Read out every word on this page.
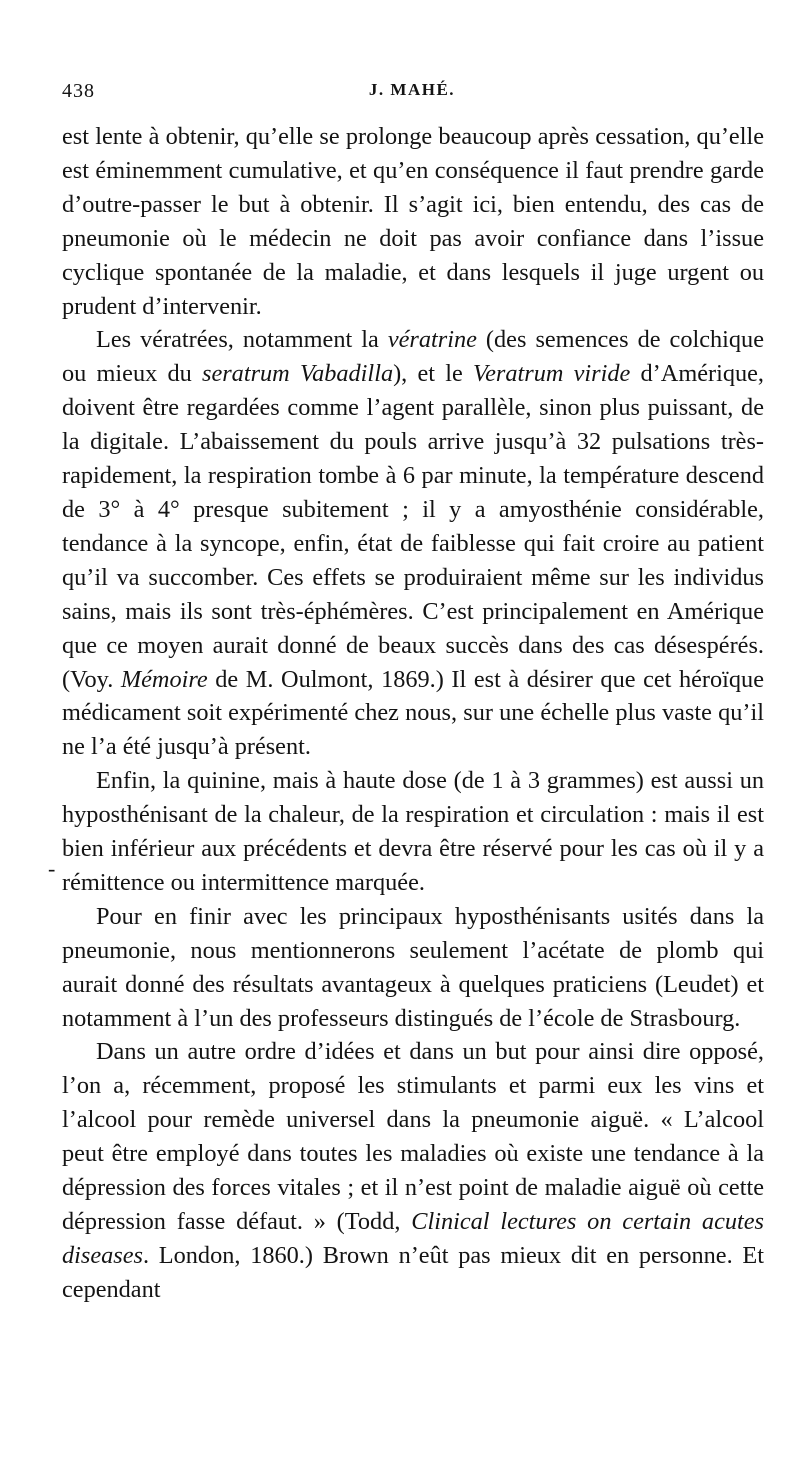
438	J. MAHÉ.
-

est lente à obtenir, qu’elle se prolonge beaucoup après cessation, qu’elle est éminemment cumulative, et qu’en conséquence il faut prendre garde d’outre-passer le but à obtenir. Il s’agit ici, bien entendu, des cas de pneumonie où le médecin ne doit pas avoir confiance dans l’issue cyclique spontanée de la maladie, et dans lesquels il juge urgent ou prudent d’intervenir.

Les vératrées, notamment la vératrine (des semences de colchique ou mieux du seratrum Vabadilla), et le Veratrum viride d’Amérique, doivent être regardées comme l’agent parallèle, sinon plus puissant, de la digitale. L’abaissement du pouls arrive jusqu’à 32 pulsations très-rapidement, la respiration tombe à 6 par minute, la température descend de 3° à 4° presque subitement ; il y a amyosthénie considérable, tendance à la syncope, enfin, état de faiblesse qui fait croire au patient qu’il va succomber. Ces effets se produiraient même sur les individus sains, mais ils sont très-éphémères. C’est principalement en Amérique que ce moyen aurait donné de beaux succès dans des cas désespérés. (Voy. Mémoire de M. Oulmont, 1869.) Il est à désirer que cet héroïque médicament soit expérimenté chez nous, sur une échelle plus vaste qu’il ne l’a été jusqu’à présent.

Enfin, la quinine, mais à haute dose (de 1 à 3 grammes) est aussi un hyposthénisant de la chaleur, de la respiration et circulation : mais il est bien inférieur aux précédents et devra être réservé pour les cas où il y a rémittence ou intermittence marquée.

Pour en finir avec les principaux hyposthénisants usités dans la pneumonie, nous mentionnerons seulement l’acétate de plomb qui aurait donné des résultats avantageux à quelques praticiens (Leudet) et notamment à l’un des professeurs distingués de l’école de Strasbourg.

Dans un autre ordre d’idées et dans un but pour ainsi dire opposé, l’on a, récemment, proposé les stimulants et parmi eux les vins et l’alcool pour remède universel dans la pneumonie aiguë. « L’alcool peut être employé dans toutes les maladies où existe une tendance à la dépression des forces vitales ; et il n’est point de maladie aiguë où cette dépression fasse défaut. » (Todd, Clinical lectures on certain acutes diseases. London, 1860.) Brown n’eût pas mieux dit en personne. Et cependant
